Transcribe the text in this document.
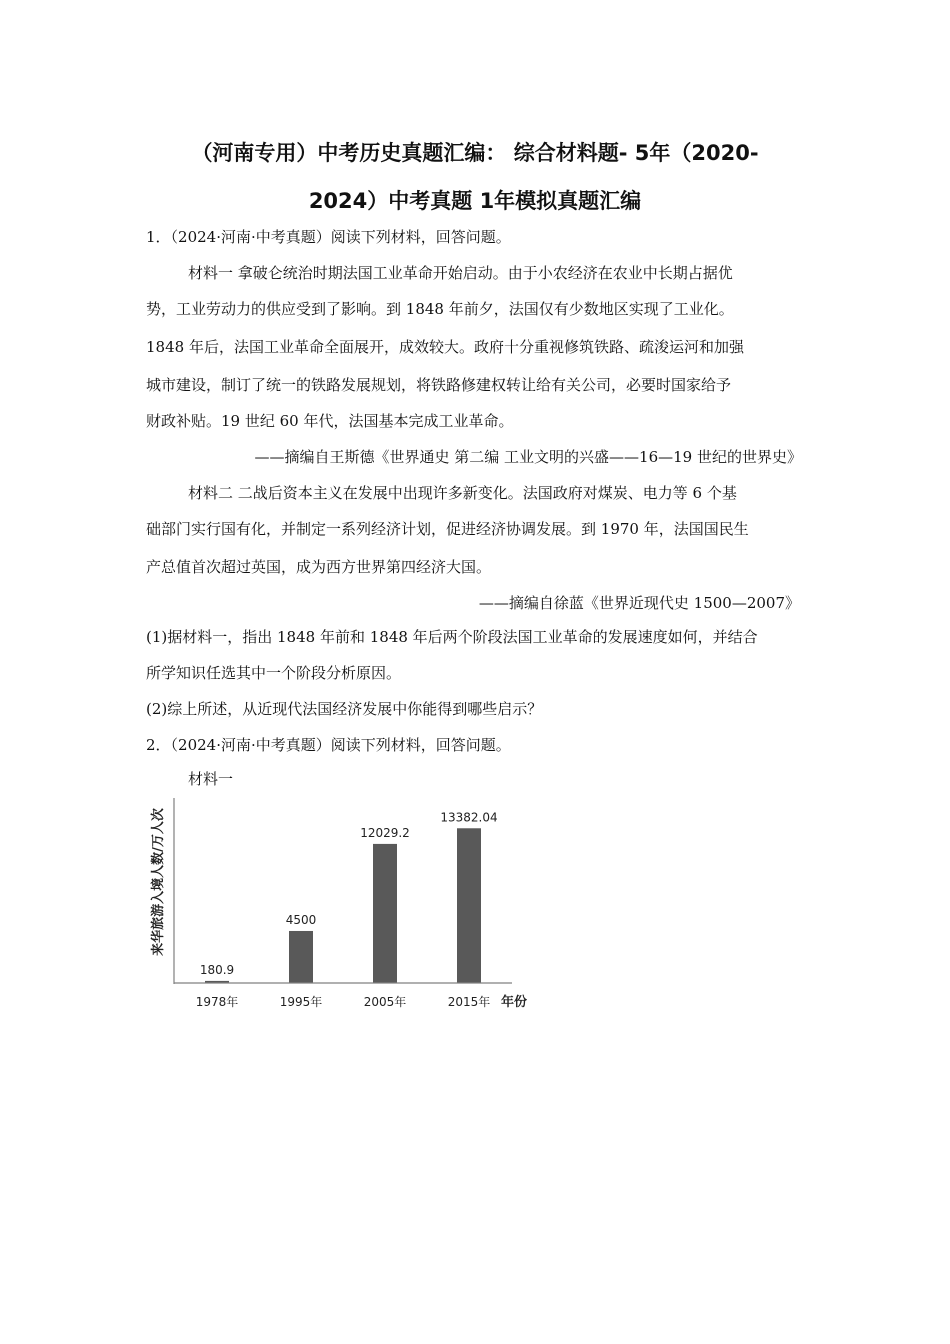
（河南专用）中考历史真题汇编： 综合材料题- 5年（2020-
2024）中考真题 1年模拟真题汇编
1．（2024·河南·中考真题）阅读下列材料，回答问题。
材料一 拿破仑统治时期法国工业革命开始启动。由于小农经济在农业中长期占据优
势，工业劳动力的供应受到了影响。到 1848 年前夕，法国仅有少数地区实现了工业化。
1848 年后，法国工业革命全面展开，成效较大。政府十分重视修筑铁路、疏浚运河和加强
城市建设，制订了统一的铁路发展规划，将铁路修建权转让给有关公司，必要时国家给予
财政补贴。19 世纪 60 年代，法国基本完成工业革命。
——摘编自王斯德《世界通史 第二编 工业文明的兴盛——16—19 世纪的世界史》
材料二 二战后资本主义在发展中出现许多新变化。法国政府对煤炭、电力等 6 个基
础部门实行国有化，并制定一系列经济计划，促进经济协调发展。到 1970 年，法国国民生
产总值首次超过英国，成为西方世界第四经济大国。
——摘编自徐蓝《世界近现代史 1500—2007》
(1)据材料一，指出 1848 年前和 1848 年后两个阶段法国工业革命的发展速度如何，并结合
所学知识任选其中一个阶段分析原因。
(2)综上所述，从近现代法国经济发展中你能得到哪些启示？
2．（2024·河南·中考真题）阅读下列材料，回答问题。
材料一
180.9
1978年
4500
1995年
12029.2
2005年
13382.04
2015年
来华旅游入境人数/万人次
年份
